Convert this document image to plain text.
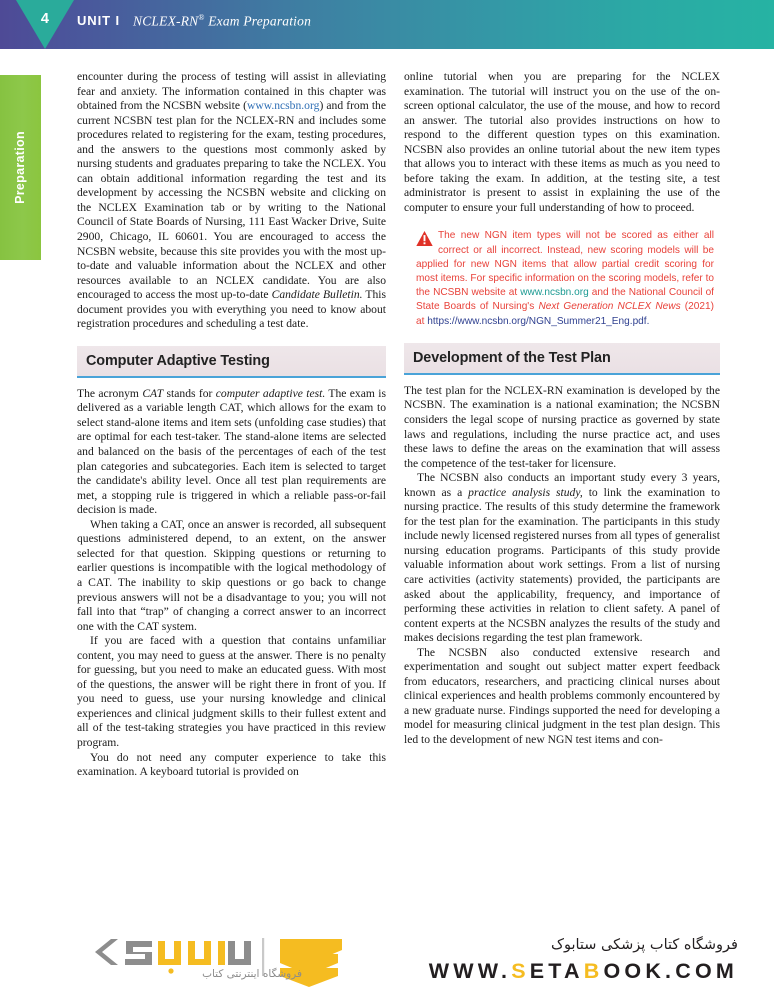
4	UNIT I NCLEX-RN® Exam Preparation
Preparation

encounter during the process of testing will assist in alleviating fear and anxiety. The information contained in this chapter was obtained from the NCSBN website (www.ncsbn.org) and from the current NCSBN test plan for the NCLEX-RN and includes some procedures related to registering for the exam, testing procedures, and the answers to the questions most commonly asked by nursing students and graduates preparing to take the NCLEX. You can obtain additional information regarding the test and its development by accessing the NCSBN website and clicking on the NCLEX Examination tab or by writing to the National Council of State Boards of Nursing, 111 East Wacker Drive, Suite 2900, Chicago, IL 60601. You are encouraged to access the NCSBN website, because this site provides you with the most up-to-date and valuable information about the NCLEX and other resources available to an NCLEX candidate. You are also encouraged to access the most up-to-date Candidate Bulletin. This document provides you with everything you need to know about registration procedures and scheduling a test date.

Computer Adaptive Testing

The acronym CAT stands for computer adaptive test. The exam is delivered as a variable length CAT, which allows for the exam to select stand-alone items and item sets (unfolding case studies) that are optimal for each test-taker. The stand-alone items are selected and balanced on the basis of the percentages of each of the test plan categories and subcategories. Each item is selected to target the candidate's ability level. Once all test plan requirements are met, a stopping rule is triggered in which a reliable pass-or-fail decision is made.

When taking a CAT, once an answer is recorded, all subsequent questions administered depend, to an extent, on the answer selected for that question. Skipping questions or returning to earlier questions is incompatible with the logical methodology of a CAT. The inability to skip questions or go back to change previous answers will not be a disadvantage to you; you will not fall into that “trap” of changing a correct answer to an incorrect one with the CAT system.

If you are faced with a question that contains unfamiliar content, you may need to guess at the answer. There is no penalty for guessing, but you need to make an educated guess. With most of the questions, the answer will be right there in front of you. If you need to guess, use your nursing knowledge and clinical experiences and clinical judgment skills to their fullest extent and all of the test-taking strategies you have practiced in this review program.

You do not need any computer experience to take this examination. A keyboard tutorial is provided on

online tutorial when you are preparing for the NCLEX examination. The tutorial will instruct you on the use of the on-screen optional calculator, the use of the mouse, and how to record an answer. The tutorial also provides instructions on how to respond to the different question types on this examination. NCSBN also provides an online tutorial about the new item types that allows you to interact with these items as much as you need to before taking the exam. In addition, at the testing site, a test administrator is present to assist in explaining the use of the computer to ensure your full understanding of how to proceed.

The new NGN item types will not be scored as either all correct or all incorrect. Instead, new scoring models will be applied for new NGN items that allow partial credit scoring for most items. For specific information on the scoring models, refer to the NCSBN website at www.ncsbn.org and the National Council of State Boards of Nursing's Next Generation NCLEX News (2021) at https://www.ncsbn.org/NGN_Summer21_Eng.pdf.
Development of the Test Plan

The test plan for the NCLEX-RN examination is developed by the NCSBN. The examination is a national examination; the NCSBN considers the legal scope of nursing practice as governed by state laws and regulations, including the nurse practice act, and uses these laws to define the areas on the examination that will assess the competence of the test-taker for licensure.

The NCSBN also conducts an important study every 3 years, known as a practice analysis study, to link the examination to nursing practice. The results of this study determine the framework for the test plan for the examination. The participants in this study include newly licensed registered nurses from all types of generalist nursing education programs. Participants of this study provide valuable information about work settings. From a list of nursing care activities (activity statements) provided, the participants are asked about the applicability, frequency, and importance of performing these activities in relation to client safety. A panel of content experts at the NCSBN analyzes the results of the study and makes decisions regarding the test plan framework.

The NCSBN also conducted extensive research and experimentation and sought out subject matter expert feedback from educators, researchers, and practicing clinical nurses about clinical experiences and health problems commonly encountered by a new graduate nurse. Findings supported the need for developing a model for measuring clinical judgment in the test plan design. This led to the development of new NGN test items and con-

فروشگاه اینترنتی کتاب
فروشگاه کتاب پزشکی ستابوک
WWW.SETABOOK.COM
